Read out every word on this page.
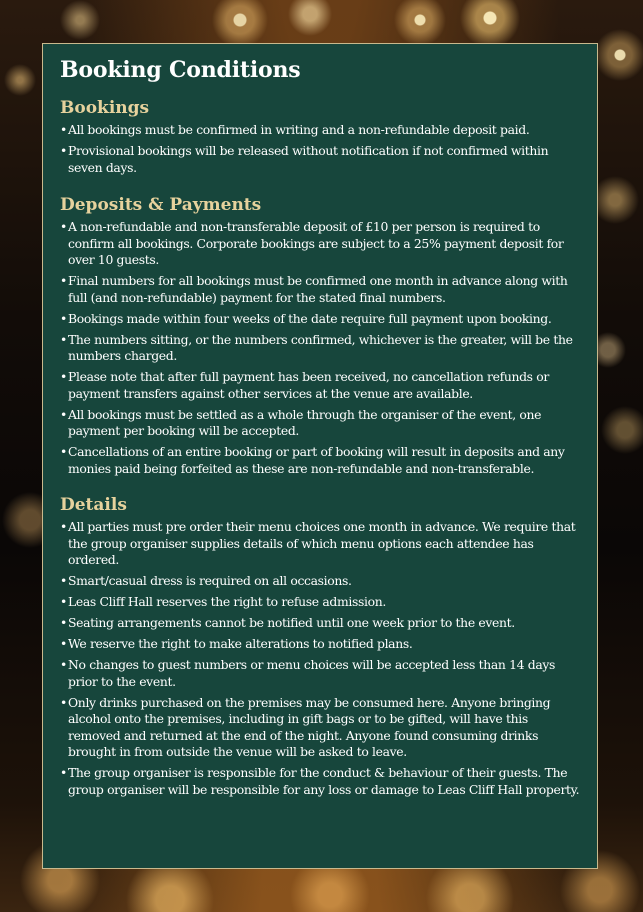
Booking Conditions
Bookings
• All bookings must be confirmed in writing and a non-refundable deposit paid.
• Provisional bookings will be released without notification if not confirmed within seven days.
Deposits & Payments
• A non-refundable and non-transferable deposit of £10 per person is required to confirm all bookings. Corporate bookings are subject to a 25% payment deposit for over 10 guests.
• Final numbers for all bookings must be confirmed one month in advance along with full (and non-refundable) payment for the stated final numbers.
• Bookings made within four weeks of the date require full payment upon booking.
• The numbers sitting, or the numbers confirmed, whichever is the greater, will be the numbers charged.
• Please note that after full payment has been received, no cancellation refunds or payment transfers against other services at the venue are available.
• All bookings must be settled as a whole through the organiser of the event, one payment per booking will be accepted.
• Cancellations of an entire booking or part of booking will result in deposits and any monies paid being forfeited as these are non-refundable and non-transferable.
Details
• All parties must pre order their menu choices one month in advance. We require that the group organiser supplies details of which menu options each attendee has ordered.
• Smart/casual dress is required on all occasions.
• Leas Cliff Hall reserves the right to refuse admission.
• Seating arrangements cannot be notified until one week prior to the event.
• We reserve the right to make alterations to notified plans.
• No changes to guest numbers or menu choices will be accepted less than 14 days prior to the event.
• Only drinks purchased on the premises may be consumed here. Anyone bringing alcohol onto the premises, including in gift bags or to be gifted, will have this removed and returned at the end of the night. Anyone found consuming drinks brought in from outside the venue will be asked to leave.
• The group organiser is responsible for the conduct & behaviour of their guests. The group organiser will be responsible for any loss or damage to Leas Cliff Hall property.
